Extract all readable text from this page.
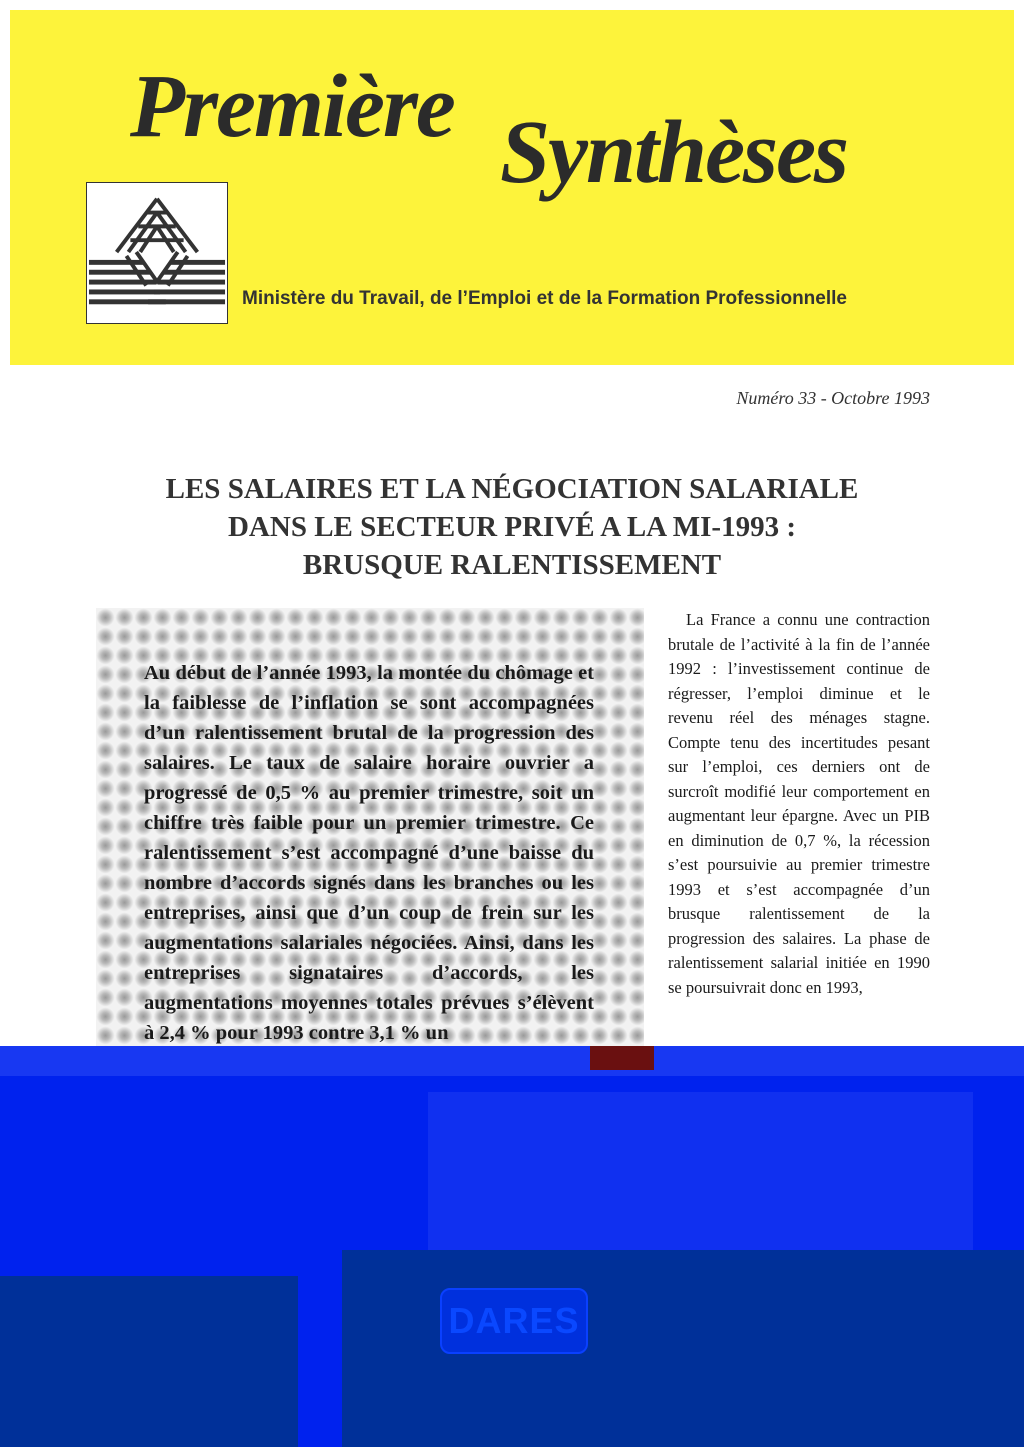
Première Synthèses
Ministère du Travail, de l’Emploi et de la Formation Professionnelle
Numéro 33 - Octobre 1993
LES SALAIRES ET LA NÉGOCIATION SALARIALE
DANS LE SECTEUR PRIVÉ A LA MI-1993 :
BRUSQUE RALENTISSEMENT
Au début de l’année 1993, la montée du chômage et la faiblesse de l’inflation se sont accompagnées d’un ralentissement brutal de la progression des salaires. Le taux de salaire horaire ouvrier a progressé de 0,5 % au premier trimestre, soit un chiffre très faible pour un premier trimestre. Ce ralentissement s’est accompagné d’une baisse du nombre d’accords signés dans les branches ou les entreprises, ainsi que d’un coup de frein sur les augmentations salariales négociées. Ainsi, dans les entreprises signataires d’accords, les augmentations moyennes totales prévues s’élèvent à 2,4 % pour 1993 contre 3,1 % un
La France a connu une contraction brutale de l’activité à la fin de l’année 1992 : l’investissement continue de régresser, l’emploi diminue et le revenu réel des ménages stagne. Compte tenu des incertitudes pesant sur l’emploi, ces derniers ont de surcroît modifié leur comportement en augmentant leur épargne. Avec un PIB en diminution de 0,7 %, la récession s’est poursuivie au premier trimestre 1993 et s’est accompagnée d’un brusque ralentissement de la progression des salaires. La phase de ralentissement salarial initiée en 1990 se poursuivrait donc en 1993,
DARES
